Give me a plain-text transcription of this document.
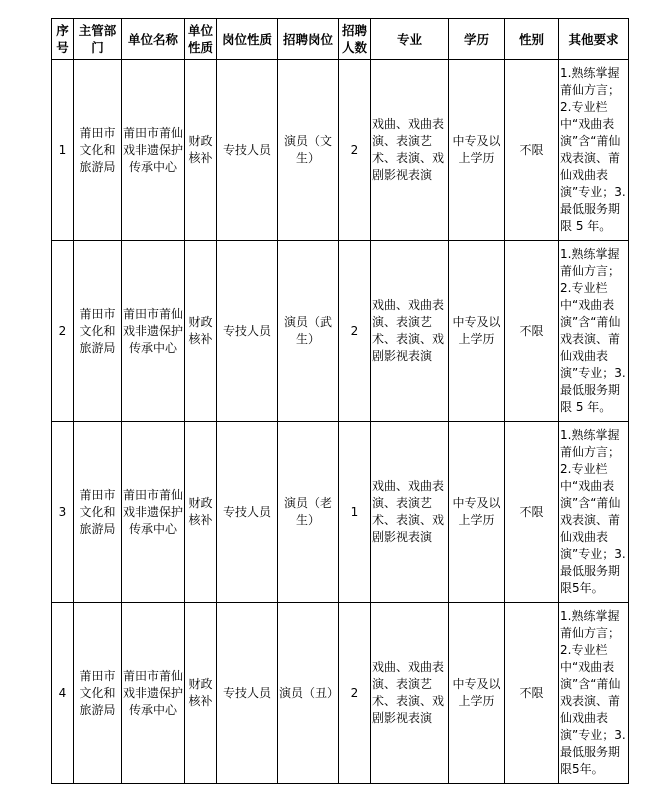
序号	主管部门	单位名称	单位性质	岗位性质	招聘岗位	招聘人数	专业	学历	性别	其他要求
1	莆田市文化和旅游局	莆田市莆仙戏非遗保护传承中心	财政核补	专技人员	演员（文生）	2	戏曲、戏曲表演、表演艺术、表演、戏剧影视表演	中专及以上学历	不限	1.熟练掌握莆仙方言；2.专业栏中“戏曲表演”含“莆仙戏表演、莆仙戏曲表演”专业；3.最低服务期限 5 年。
2	莆田市文化和旅游局	莆田市莆仙戏非遗保护传承中心	财政核补	专技人员	演员（武生）	2	戏曲、戏曲表演、表演艺术、表演、戏剧影视表演	中专及以上学历	不限	1.熟练掌握莆仙方言；2.专业栏中“戏曲表演”含“莆仙戏表演、莆仙戏曲表演”专业；3.最低服务期限 5 年。
3	莆田市文化和旅游局	莆田市莆仙戏非遗保护传承中心	财政核补	专技人员	演员（老生）	1	戏曲、戏曲表演、表演艺术、表演、戏剧影视表演	中专及以上学历	不限	1.熟练掌握莆仙方言；2.专业栏中“戏曲表演”含“莆仙戏表演、莆仙戏曲表演”专业；3.最低服务期限5年。
4	莆田市文化和旅游局	莆田市莆仙戏非遗保护传承中心	财政核补	专技人员	演员（丑）	2	戏曲、戏曲表演、表演艺术、表演、戏剧影视表演	中专及以上学历	不限	1.熟练掌握莆仙方言；2.专业栏中“戏曲表演”含“莆仙戏表演、莆仙戏曲表演”专业；3.最低服务期限5年。
